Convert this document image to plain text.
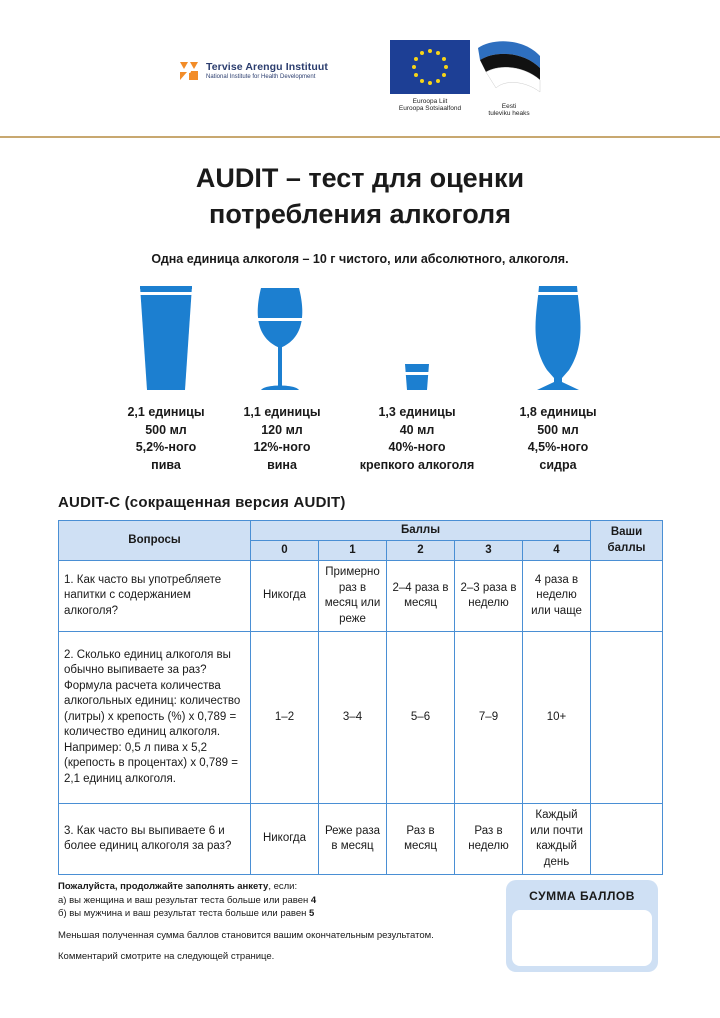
Tervise Arengu Instituut
National Institute for Health Development
Euroopa Liit
Euroopa Sotsiaalfond	Eesti
tuleviku heaks
AUDIT – тест для оценки
потребления алкоголя
Одна единица алкоголя – 10 г чистого, или абсолютного, алкоголя.
2,1 единицы
500 мл
5,2%-ного
пива
1,1 единицы
120 мл
12%-ного
вина
1,3 единицы
40 мл
40%-ного
крепкого алкоголя
1,8 единицы
500 мл
4,5%-ного
сидра
AUDIT-C (сокращенная версия AUDIT)
Вопросы	Баллы					Ваши баллы
	0	1	2	3	4	
1. Как часто вы употребляете напитки с содержанием алкоголя?	Никогда	Примерно раз в месяц или реже	2–4 раза в месяц	2–3 раза в неделю	4 раза в неделю или чаще	
2. Сколько единиц алкоголя вы обычно выпиваете за раз? Формула расчета количества алкогольных единиц: количество (литры) x крепость (%) x 0,789 = количество единиц алкоголя. Например: 0,5 л пива x 5,2 (крепость в процентах) x 0,789 = 2,1 единиц алкоголя.	1–2	3–4	5–6	7–9	10+	
3. Как часто вы выпиваете 6 и более единиц алкоголя за раз?	Никогда	Реже раза в месяц	Раз в месяц	Раз в неделю	Каждый или почти каждый день	
Пожалуйста, продолжайте заполнять анкету, если:
а) вы женщина и ваш результат теста больше или равен 4
б) вы мужчина и ваш результат теста больше или равен 5
Меньшая полученная сумма баллов становится вашим окончательным результатом.
Комментарий смотрите на следующей странице.
СУММА БАЛЛОВ
